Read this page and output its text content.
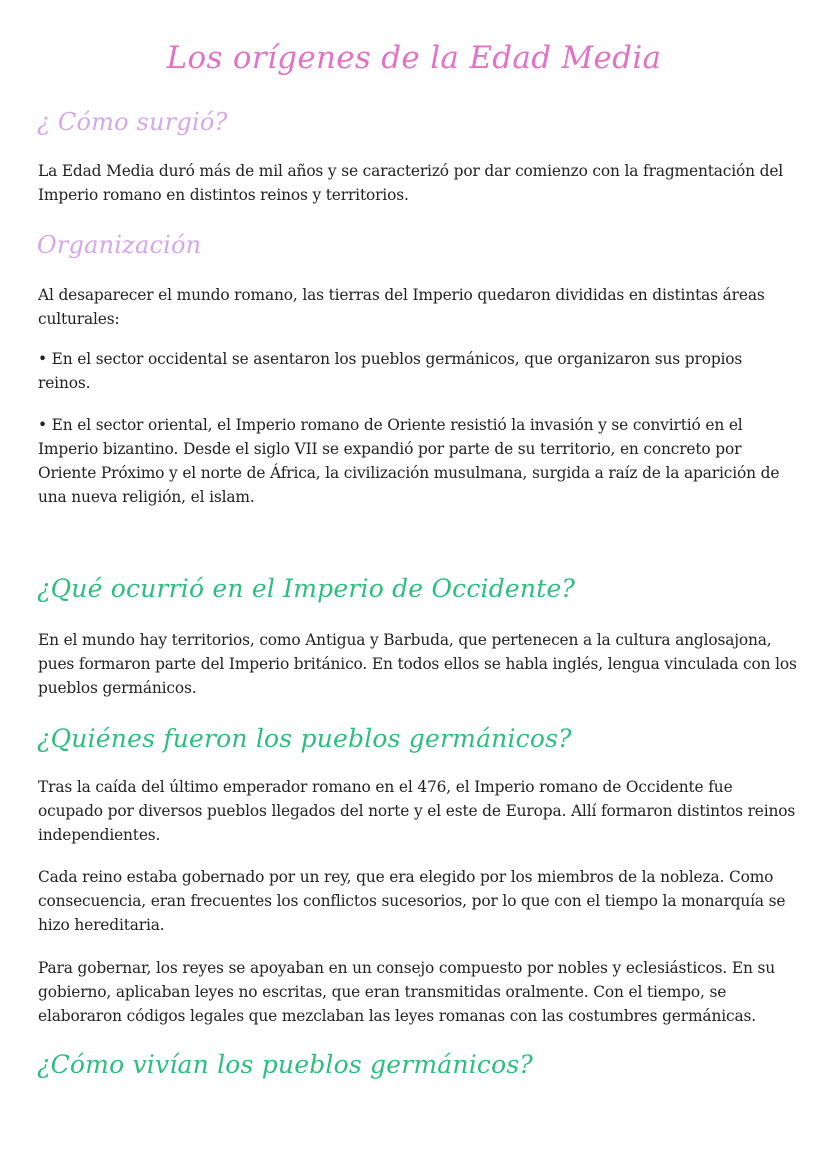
Los orígenes de la Edad Media
¿ Cómo surgió?

La Edad Media duró más de mil años y se caracterizó por dar comienzo con la fragmentación del Imperio romano en distintos reinos y territorios.

Organización

Al desaparecer el mundo romano, las tierras del Imperio quedaron divididas en distintas áreas culturales:

• En el sector occidental se asentaron los pueblos germánicos, que organizaron sus propios reinos.

• En el sector oriental, el Imperio romano de Oriente resistió la invasión y se convirtió en el Imperio bizantino. Desde el siglo VII se expandió por parte de su territorio, en concreto por Oriente Próximo y el norte de África, la civilización musulmana, surgida a raíz de la aparición de una nueva religión, el islam.

¿Qué ocurrió en el Imperio de Occidente?

En el mundo hay territorios, como Antigua y Barbuda, que pertenecen a la cultura anglosajona, pues formaron parte del Imperio británico. En todos ellos se habla inglés, lengua vinculada con los pueblos germánicos.

¿Quiénes fueron los pueblos germánicos?

Tras la caída del último emperador romano en el 476, el Imperio romano de Occidente fue ocupado por diversos pueblos llegados del norte y el este de Europa. Allí formaron distintos reinos independientes.

Cada reino estaba gobernado por un rey, que era elegido por los miembros de la nobleza. Como consecuencia, eran frecuentes los conflictos sucesorios, por lo que con el tiempo la monarquía se hizo hereditaria.

Para gobernar, los reyes se apoyaban en un consejo compuesto por nobles y eclesiásticos. En su gobierno, aplicaban leyes no escritas, que eran transmitidas oralmente. Con el tiempo, se elaboraron códigos legales que mezclaban las leyes romanas con las costumbres germánicas.

¿Cómo vivían los pueblos germánicos?
